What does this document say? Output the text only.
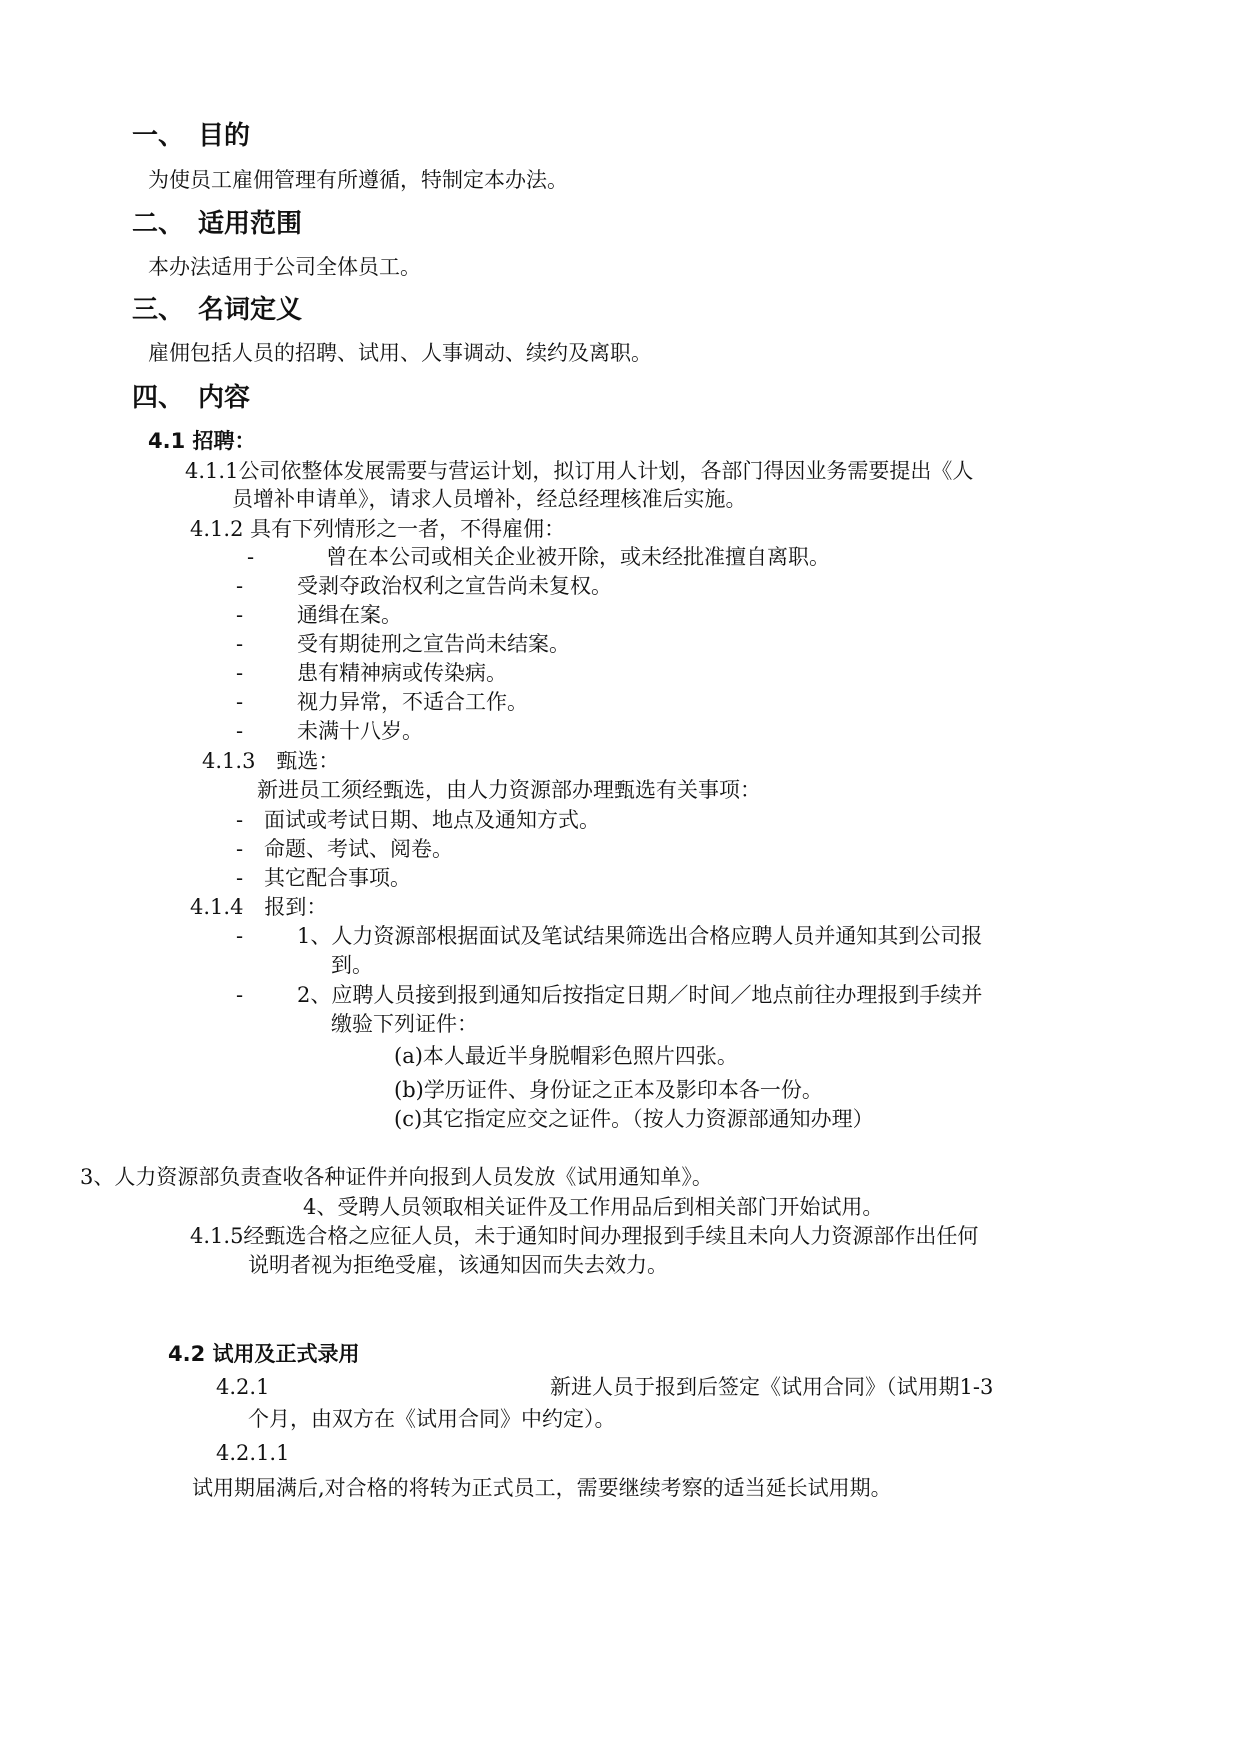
一、 目的
为使员工雇佣管理有所遵循，特制定本办法。
二、 适用范围
本办法适用于公司全体员工。
三、 名词定义
雇佣包括人员的招聘、试用、人事调动、续约及离职。
四、 内容
4.1 招聘：
4.1.1公司依整体发展需要与营运计划，拟订用人计划，各部门得因业务需要提出《人
员增补申请单》，请求人员增补，经总经理核准后实施。
4.1.2 具有下列情形之一者，不得雇佣：
-	曾在本公司或相关企业被开除，或未经批准擅自离职。
-	受剥夺政治权利之宣告尚未复权。
-	通缉在案。
-	受有期徒刑之宣告尚未结案。
-	患有精神病或传染病。
-	视力异常，不适合工作。
-	未满十八岁。
4.1.3　甄选：
新进员工须经甄选，由人力资源部办理甄选有关事项：
- 面试或考试日期、地点及通知方式。
- 命题、考试、阅卷。
- 其它配合事项。
4.1.4　报到：
-	1、人力资源部根据面试及笔试结果筛选出合格应聘人员并通知其到公司报
到。
-	2、应聘人员接到报到通知后按指定日期／时间／地点前往办理报到手续并
缴验下列证件：
(a)本人最近半身脱帽彩色照片四张。
(b)学历证件、身份证之正本及影印本各一份。
(c)其它指定应交之证件。（按人力资源部通知办理）
3、人力资源部负责查收各种证件并向报到人员发放《试用通知单》。
4、受聘人员领取相关证件及工作用品后到相关部门开始试用。
4.1.5经甄选合格之应征人员，未于通知时间办理报到手续且未向人力资源部作出任何
说明者视为拒绝受雇，该通知因而失去效力。
4.2 试用及正式录用
4.2.1	新进人员于报到后签定《试用合同》（试用期1-3
个月，由双方在《试用合同》中约定）。
4.2.1.1
试用期届满后,对合格的将转为正式员工，需要继续考察的适当延长试用期。
